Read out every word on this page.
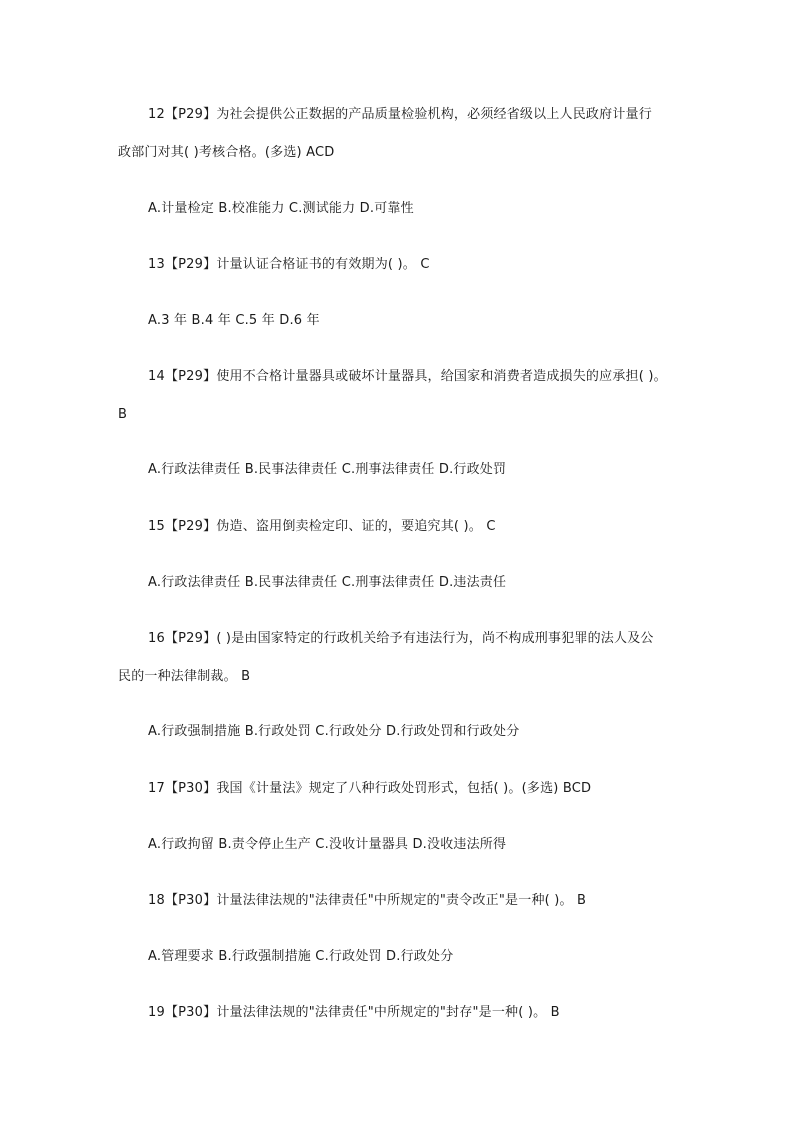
12【P29】为社会提供公正数据的产品质量检验机构，必须经省级以上人民政府计量行
政部门对其( )考核合格。(多选) ACD
A.计量检定 B.校准能力 C.测试能力 D.可靠性
13【P29】计量认证合格证书的有效期为( )。 C
A.3 年 B.4 年 C.5 年 D.6 年
14【P29】使用不合格计量器具或破坏计量器具，给国家和消费者造成损失的应承担( )。
B
A.行政法律责任 B.民事法律责任 C.刑事法律责任 D.行政处罚
15【P29】伪造、盗用倒卖检定印、证的，要追究其( )。 C
A.行政法律责任 B.民事法律责任 C.刑事法律责任 D.违法责任
16【P29】( )是由国家特定的行政机关给予有违法行为，尚不构成刑事犯罪的法人及公
民的一种法律制裁。 B
A.行政强制措施 B.行政处罚 C.行政处分 D.行政处罚和行政处分
17【P30】我国《计量法》规定了八种行政处罚形式，包括( )。(多选) BCD
A.行政拘留 B.责令停止生产 C.没收计量器具 D.没收违法所得
18【P30】计量法律法规的"法律责任"中所规定的"责令改正"是一种( )。 B
A.管理要求 B.行政强制措施 C.行政处罚 D.行政处分
19【P30】计量法律法规的"法律责任"中所规定的"封存"是一种( )。 B
